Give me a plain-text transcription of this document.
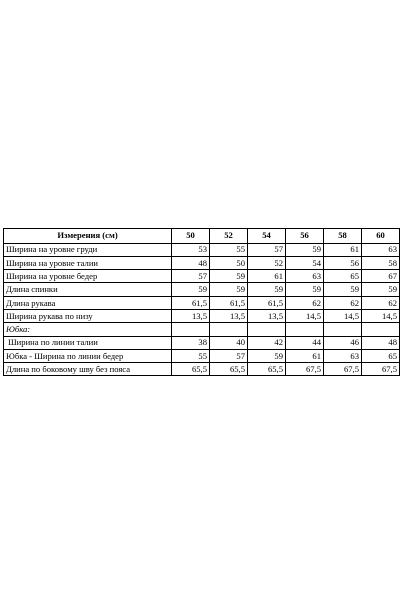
Измерения (см)	50	52	54	56	58	60
Ширина на уровне груди	53	55	57	59	61	63
Ширина на уровне талии	48	50	52	54	56	58
Ширина на уровне бедер	57	59	61	63	65	67
Длина спинки	59	59	59	59	59	59
Длина рукава	61,5	61,5	61,5	62	62	62
Ширина рукава по низу	13,5	13,5	13,5	14,5	14,5	14,5
Юбка:						
Ширина по линии талии	38	40	42	44	46	48
Юбка - Ширина по линии бедер	55	57	59	61	63	65
Длина по боковому шву без пояса	65,5	65,5	65,5	67,5	67,5	67,5
